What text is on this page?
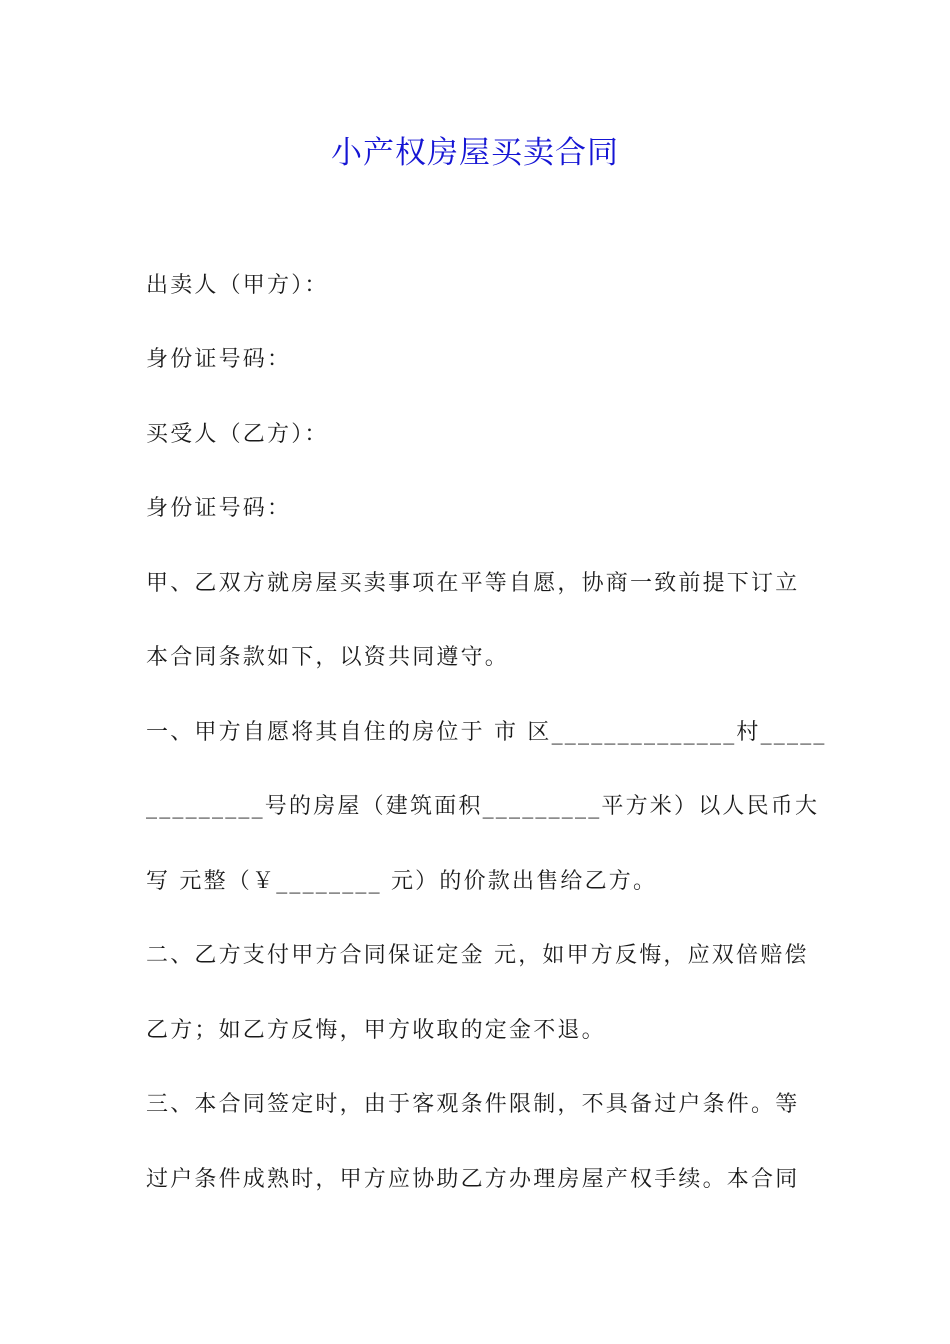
小产权房屋买卖合同
出卖人（甲方）：
身份证号码：
买受人（乙方）：
身份证号码：
甲、乙双方就房屋买卖事项在平等自愿，协商一致前提下订立
本合同条款如下，以资共同遵守。
一、甲方自愿将其自住的房位于 市 区______________村_____
_________号的房屋（建筑面积_________平方米）以人民币大
写 元整（￥________ 元）的价款出售给乙方。
二、乙方支付甲方合同保证定金 元，如甲方反悔，应双倍赔偿
乙方；如乙方反悔，甲方收取的定金不退。
三、本合同签定时，由于客观条件限制，不具备过户条件。等
过户条件成熟时，甲方应协助乙方办理房屋产权手续。本合同
